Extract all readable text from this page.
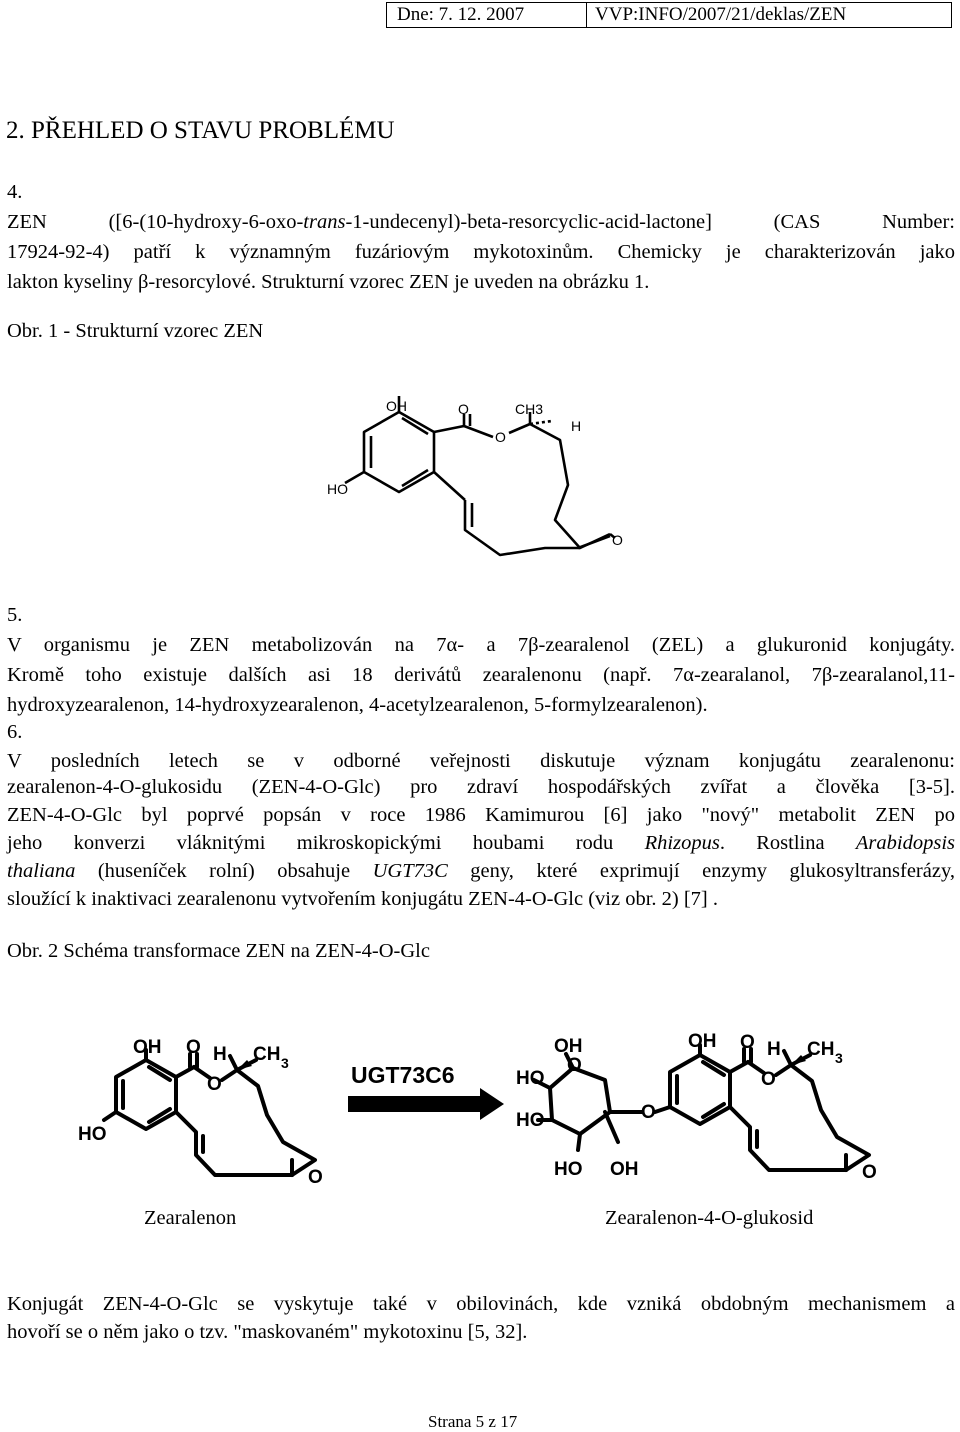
Dne: 7. 12. 2007	VVP:INFO/2007/21/deklas/ZEN
2. PŘEHLED O STAVU PROBLÉMU
4.
ZEN ([6-(10-hydroxy-6-oxo-trans-1-undecenyl)-beta-resorcyclic-acid-lactone] (CAS Number:
17924-92-4) patří k významným fuzáriovým mykotoxinům. Chemicky je charakterizován jako
lakton kyseliny β-resorcylové. Strukturní vzorec ZEN je uveden na obrázku 1.
Obr. 1 - Strukturní vzorec ZEN
OH	O	CH3
H
O
HO
O
5.
V organismu je ZEN metabolizován na 7α- a 7β-zearalenol (ZEL) a glukuronid konjugáty.
Kromě toho existuje dalších asi 18 derivátů zearalenonu (např. 7α-zearalanol, 7β-zearalanol,11-
hydroxyzearalenon, 14-hydroxyzearalenon, 4-acetylzearalenon, 5-formylzearalenon).
6.
V posledních letech se v odborné veřejnosti diskutuje význam konjugátu zearalenonu:
zearalenon-4-O-glukosidu (ZEN-4-O-Glc) pro zdraví hospodářských zvířat a člověka [3-5].
ZEN-4-O-Glc byl poprvé popsán v roce 1986 Kamimurou [6] jako "nový" metabolit ZEN po
jeho konverzi vláknitými mikroskopickými houbami rodu Rhizopus. Rostlina Arabidopsis
thaliana (huseníček rolní) obsahuje UGT73C geny, které exprimují enzymy glukosyltransferázy,
sloužící k inaktivaci zearalenonu vytvořením konjugátu ZEN-4-O-Glc (viz obr. 2) [7] .
Obr. 2 Schéma transformace ZEN na ZEN-4-O-Glc
OH O H CH 3
O
HO
O
UGT73C6	O
OH
HO
HO
HO OH
O
OH O H CH 3
O
O
Zearalenon	Zearalenon-4-O-glukosid
Konjugát ZEN-4-O-Glc se vyskytuje také v obilovinách, kde vzniká obdobným mechanismem a
hovoří se o něm jako o tzv. "maskovaném" mykotoxinu [5, 32].
Strana 5 z 17
